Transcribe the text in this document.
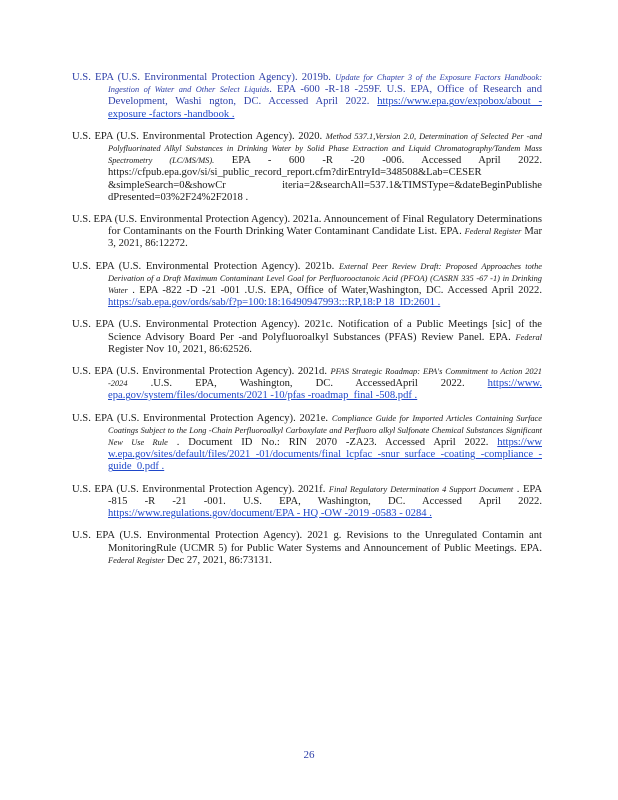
U.S. EPA (U.S. Environmental Protection Agency). 2019b. Update for Chapter 3 of the Exposure Factors Handbook: Ingestion of Water and Other Select Liquids. EPA -600 -R-18 -259F. U.S. EPA, Office of Research and Development, Washi ngton, DC. Accessed April 2022. https://www.epa.gov/expobox/about - exposure -factors -handbook .

U.S. EPA (U.S. Environmental Protection Agency). 2020. Method 537.1,Version 2.0, Determination of Selected Per -and Polyfluorinated Alkyl Substances in Drinking Water by Solid Phase Extraction and Liquid Chromatography/Tandem Mass Spectrometry (LC/MS/MS). EPA - 600 -R -20 -006. Accessed April 2022. https://cfpub.epa.gov/si/si_public_record_report.cfm?dirEntryId=348508&Lab=CESER &simpleSearch=0&showCr iteria=2&searchAll=537.1&TIMSType=&dateBeginPublishe dPresented=03%2F24%2F2018 .

U.S. EPA (U.S. Environmental Protection Agency). 2021a. Announcement of Final Regulatory Determinations for Contaminants on the Fourth Drinking Water Contaminant Candidate List. EPA. Federal Register Mar 3, 2021, 86:12272.

U.S. EPA (U.S. Environmental Protection Agency). 2021b. External Peer Review Draft: Proposed Approaches tothe Derivation of a Draft Maximum Contaminant Level Goal for Perfluorooctanoic Acid (PFOA) (CASRN 335 -67 -1) in Drinking Water . EPA -822 -D -21 -001 .U.S. EPA, Office of Water,Washington, DC. Accessed April 2022. https://sab.epa.gov/ords/sab/f?p=100:18:16490947993:::RP,18:P 18_ID:2601 .

U.S. EPA (U.S. Environmental Protection Agency). 2021c. Notification of a Public Meetings [sic] of the Science Advisory Board Per -and Polyfluoroalkyl Substances (PFAS) Review Panel. EPA. Federal Register Nov 10, 2021, 86:62526.

U.S. EPA (U.S. Environmental Protection Agency). 2021d. PFAS Strategic Roadmap: EPA's Commitment to Action 2021 -2024 .U.S. EPA, Washington, DC. AccessedApril 2022. https://www. epa.gov/system/files/documents/2021 -10/pfas -roadmap_final -508.pdf .

U.S. EPA (U.S. Environmental Protection Agency). 2021e. Compliance Guide for Imported Articles Containing Surface Coatings Subject to the Long -Chain Perfluoroalkyl Carboxylate and Perfluoro alkyl Sulfonate Chemical Substances Significant New Use Rule . Document ID No.: RIN 2070 -ZA23. Accessed April 2022. https://ww w.epa.gov/sites/default/files/2021 -01/documents/final_lcpfac -snur_surface -coating -compliance -guide_0.pdf .

U.S. EPA (U.S. Environmental Protection Agency). 2021f. Final Regulatory Determination 4 Support Document . EPA -815 -R -21 -001. U.S. EPA, Washington, DC. Accessed April 2022. https://www.regulations.gov/document/EPA - HQ -OW -2019 -0583 - 0284 .

U.S. EPA (U.S. Environmental Protection Agency). 2021 g. Revisions to the Unregulated Contamin ant MonitoringRule (UCMR 5) for Public Water Systems and Announcement of Public Meetings. EPA. Federal Register Dec 27, 2021, 86:73131.

26
